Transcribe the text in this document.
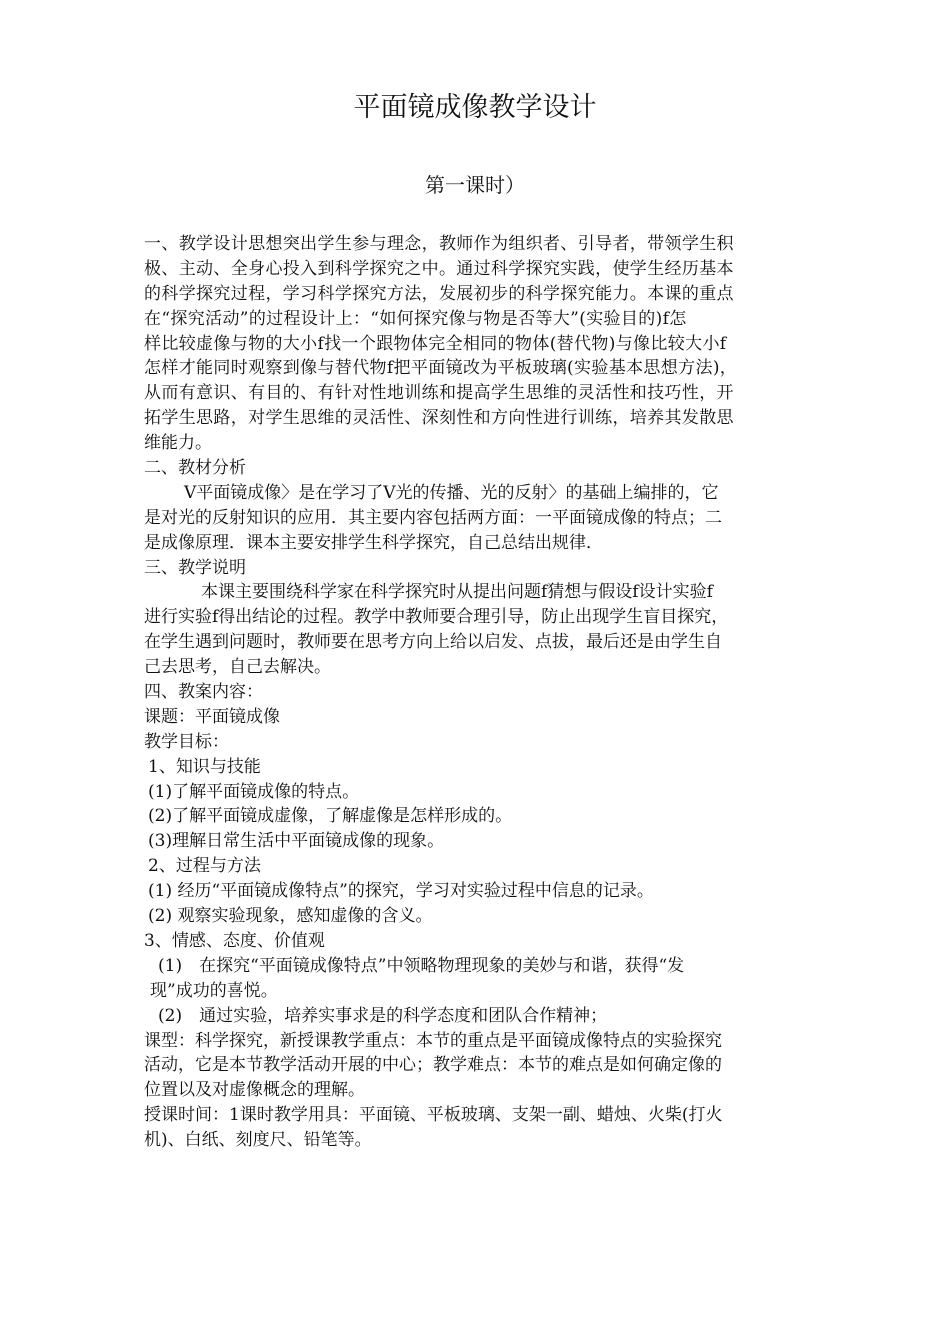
平面镜成像教学设计
第一课时）
一、教学设计思想突出学生参与理念，教师作为组织者、引导者，带领学生积
极、主动、全身心投入到科学探究之中。通过科学探究实践，使学生经历基本
的科学探究过程，学习科学探究方法，发展初步的科学探究能力。本课的重点
在“探究活动”的过程设计上：“如何探究像与物是否等大”(实验目的)f怎
样比较虚像与物的大小f找一个跟物体完全相同的物体(替代物)与像比较大小f
怎样才能同时观察到像与替代物f把平面镜改为平板玻璃(实验基本思想方法)，
从而有意识、有目的、有针对性地训练和提高学生思维的灵活性和技巧性，开
拓学生思路，对学生思维的灵活性、深刻性和方向性进行训练，培养其发散思
维能力。
二、教材分析
V平面镜成像〉是在学习了V光的传播、光的反射〉的基础上编排的，它
是对光的反射知识的应用．其主要内容包括两方面：一平面镜成像的特点；二
是成像原理．课本主要安排学生科学探究，自己总结出规律．
三、教学说明
本课主要围绕科学家在科学探究时从提出问题f猜想与假设f设计实验f
进行实验f得出结论的过程。教学中教师要合理引导，防止出现学生盲目探究，
在学生遇到问题时，教师要在思考方向上给以启发、点拔，最后还是由学生自
己去思考，自己去解决。
四、教案内容：
课题：平面镜成像
教学目标：
1、知识与技能
(1)了解平面镜成像的特点。
(2)了解平面镜成虚像，了解虚像是怎样形成的。
(3)理解日常生活中平面镜成像的现象。
2、过程与方法
(1) 经历“平面镜成像特点”的探究，学习对实验过程中信息的记录。
(2) 观察实验现象，感知虚像的含义。
3、情感、态度、价值观
(1)　在探究“平面镜成像特点”中领略物理现象的美妙与和谐，获得“发
现”成功的喜悦。
(2)　通过实验，培养实事求是的科学态度和团队合作精神；
课型：科学探究，新授课教学重点：本节的重点是平面镜成像特点的实验探究
活动，它是本节教学活动开展的中心；教学难点：本节的难点是如何确定像的
位置以及对虚像概念的理解。
授课时间：1课时教学用具：平面镜、平板玻璃、支架一副、蜡烛、火柴(打火
机)、白纸、刻度尺、铅笔等。
